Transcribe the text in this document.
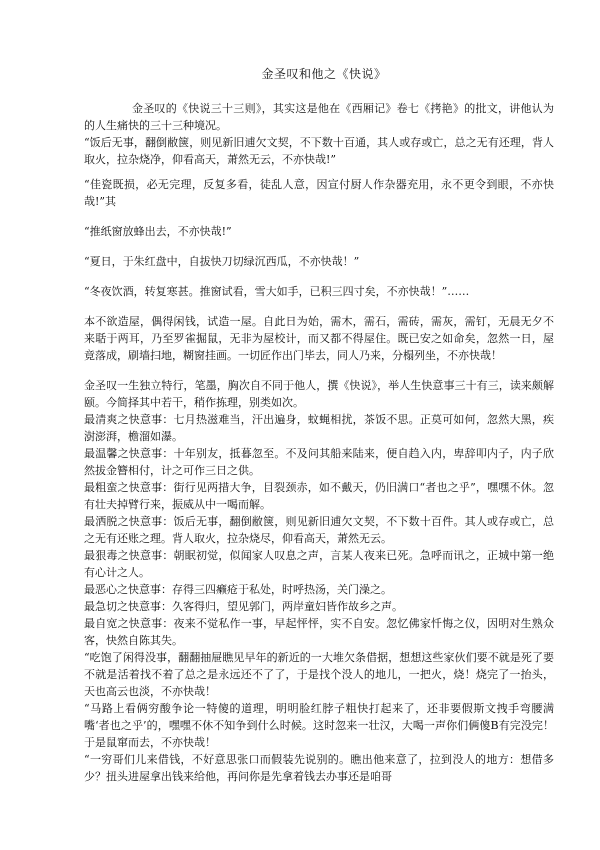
金圣叹和他之《快说》

金圣叹的《快说三十三则》，其实这是他在《西厢记》卷七《拷艳》的批文，讲他认为的人生痛快的三十三种境况。

“饭后无事，翻倒敝箧，则见新旧逋欠文契，不下数十百通，其人或存或亡，总之无有还理，背人取火，拉杂烧净，仰看高天，萧然无云，不亦快哉!”

“佳瓷既损，必无完理，反复多看，徒乱人意，因宣付厨人作杂器充用，永不更令到眼，不亦快哉!”其

“推纸窗放蜂出去，不亦快哉!”

“夏日，于朱红盘中，自拔快刀切绿沉西瓜，不亦快哉！”

“冬夜饮酒，转复寒甚。推窗试看，雪大如手，已积三四寸矣，不亦快哉！”……

本不欲造屋，偶得闲钱，试造一屋。自此日为始，需木，需石，需砖，需灰，需钉，无晨无夕不来聒于两耳，乃至罗雀掘鼠，无非为屋校计，而又都不得屋住。既已安之如命矣，忽然一日，屋竟落成，刷墙扫地，糊窗挂画。一切匠作出门毕去，同人乃来，分榻列坐，不亦快哉！

金圣叹一生独立特行，笔墨，胸次自不同于他人，撰《快说》，举人生快意事三十有三，读来颇解颐。今简择其中若干，稍作拣理，别类如次。

最清爽之快意事：七月热滋难当，汗出遍身，蚊蝇相扰，茶饭不思。正莫可如何，忽然大黑，疾澍澎湃，檐溜如瀑。

最温馨之快意事：十年别友，抵暮忽至。不及问其船来陆来，便自趋入内，卑辞叩内子，内子欣然拔金簪相付，计之可作三日之供。

最粗蛮之快意事：街行见两措大争，目裂颈赤，如不戴天，仍旧满口“者也之乎”，嘿嘿不休。忽有壮夫掉臂行来，振威从中一喝而解。

最洒脱之快意事：饭后无事，翻倒敝箧，则见新旧逋欠文契，不下数十百件。其人或存或亡，总之无有还账之理。背人取火，拉杂烧尽，仰看高天，萧然无云。

最狠毒之快意事：朝眠初觉，似闻家人叹息之声，言某人夜来已死。急呼而讯之，正城中第一绝有心计之人。

最恶心之快意事：存得三四癞疮于私处，时呼热汤，关门澡之。

最急切之快意事：久客得归，望见郭门，两岸童妇皆作故乡之声。

最自宽之快意事：夜来不觉私作一事，早起怦怦，实不自安。忽忆佛家忏悔之仪，因明对生熟众客，快然自陈其失。

“吃饱了闲得没事，翻翻抽屉瞧见早年的新近的一大堆欠条借据，想想这些家伙们要不就是死了要不就是活着找不着了总之是永远还不了了，于是找个没人的地儿，一把火，烧！烧完了一抬头，天也高云也淡，不亦快哉！

“马路上看俩穷酸争论一特傻的道理，明明脸红脖子粗快打起来了，还非要假斯文拽手弯腰满嘴‘者也之乎’的，嘿嘿不休不知争到什么时候。这时忽来一壮汉，大喝一声你们俩傻B有完没完！于是鼠窜而去，不亦快哉！

“一穷哥们儿来借钱，不好意思张口而假装先说别的。瞧出他来意了，拉到没人的地方：想借多少？扭头进屋拿出钱来给他，再问你是先拿着钱去办事还是咱哥
